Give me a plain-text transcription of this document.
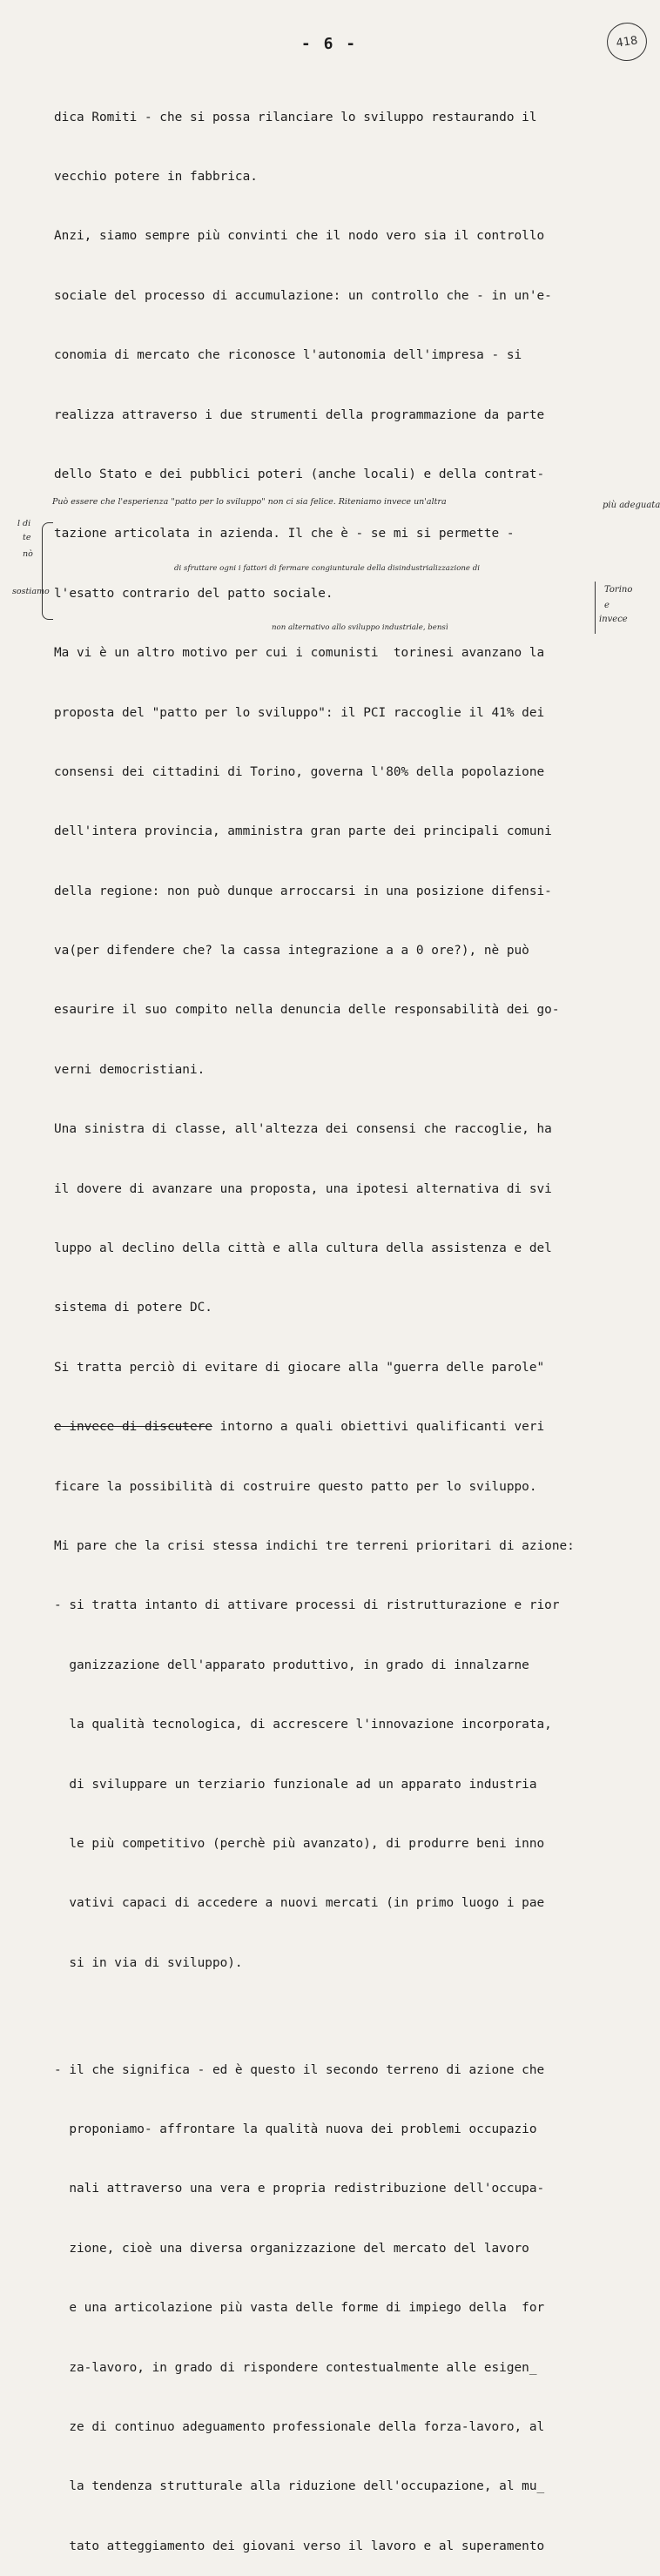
- 6 -	418

dica Romiti - che si possa rilanciare lo sviluppo restaurando il

vecchio potere in fabbrica.

Anzi, siamo sempre più convinti che il nodo vero sia il controllo

sociale del processo di accumulazione: un controllo che - in un'e-

conomia di mercato che riconosce l'autonomia dell'impresa - si

realizza attraverso i due strumenti della programmazione da parte

dello Stato e dei pubblici poteri (anche locali) e della contrat-

tazione articolata in azienda. Il che è - se mi si permette -

l'esatto contrario del patto sociale.

Ma vi è un altro motivo per cui i comunisti  torinesi avanzano la

proposta del "patto per lo sviluppo": il PCI raccoglie il 41% dei

consensi dei cittadini di Torino, governa l'80% della popolazione

dell'intera provincia, amministra gran parte dei principali comuni

della regione: non può dunque arroccarsi in una posizione difensi-

va(per difendere che? la cassa integrazione a a 0 ore?), nè può

esaurire il suo compito nella denuncia delle responsabilità dei go-

verni democristiani.

Una sinistra di classe, all'altezza dei consensi che raccoglie, ha

il dovere di avanzare una proposta, una ipotesi alternativa di svi

luppo al declino della città e alla cultura della assistenza e del

sistema di potere DC.

Si tratta perciò di evitare di giocare alla "guerra delle parole"

e invece di discutere intorno a quali obiettivi qualificanti veri

ficare la possibilità di costruire questo patto per lo sviluppo.

Mi pare che la crisi stessa indichi tre terreni prioritari di azione:

- si tratta intanto di attivare processi di ristrutturazione e rior

ganizzazione dell'apparato produttivo, in grado di innalzarne

la qualità tecnologica, di accrescere l'innovazione incorporata,

di sviluppare un terziario funzionale ad un apparato industria

le più competitivo (perchè più avanzato), di produrre beni inno

vativi capaci di accedere a nuovi mercati (in primo luogo i pae

si in via di sviluppo).

- il che significa - ed è questo il secondo terreno di azione che

proponiamo- affrontare la qualità nuova dei problemi occupazio

nali attraverso una vera e propria redistribuzione dell'occupa-

zione, cioè una diversa organizzazione del mercato del lavoro

e una articolazione più vasta delle forme di impiego della  for

za-lavoro, in grado di rispondere contestualmente alle esigen_

ze di continuo adeguamento professionale della forza-lavoro, al

la tendenza strutturale alla riduzione dell'occupazione, al mu_

tato atteggiamento dei giovani verso il lavoro e al superamento

Può essere che l'esperienza "patto per lo sviluppo" non ci sia felice. Riteniamo invece un'altra	più adeguata
l di
te
nò
sostiamo
di sfruttare ogni i fattori di fermare congiunturale della disindustrializzazione di
Torino
e
invece
non alternativo allo sviluppo industriale, bensì
